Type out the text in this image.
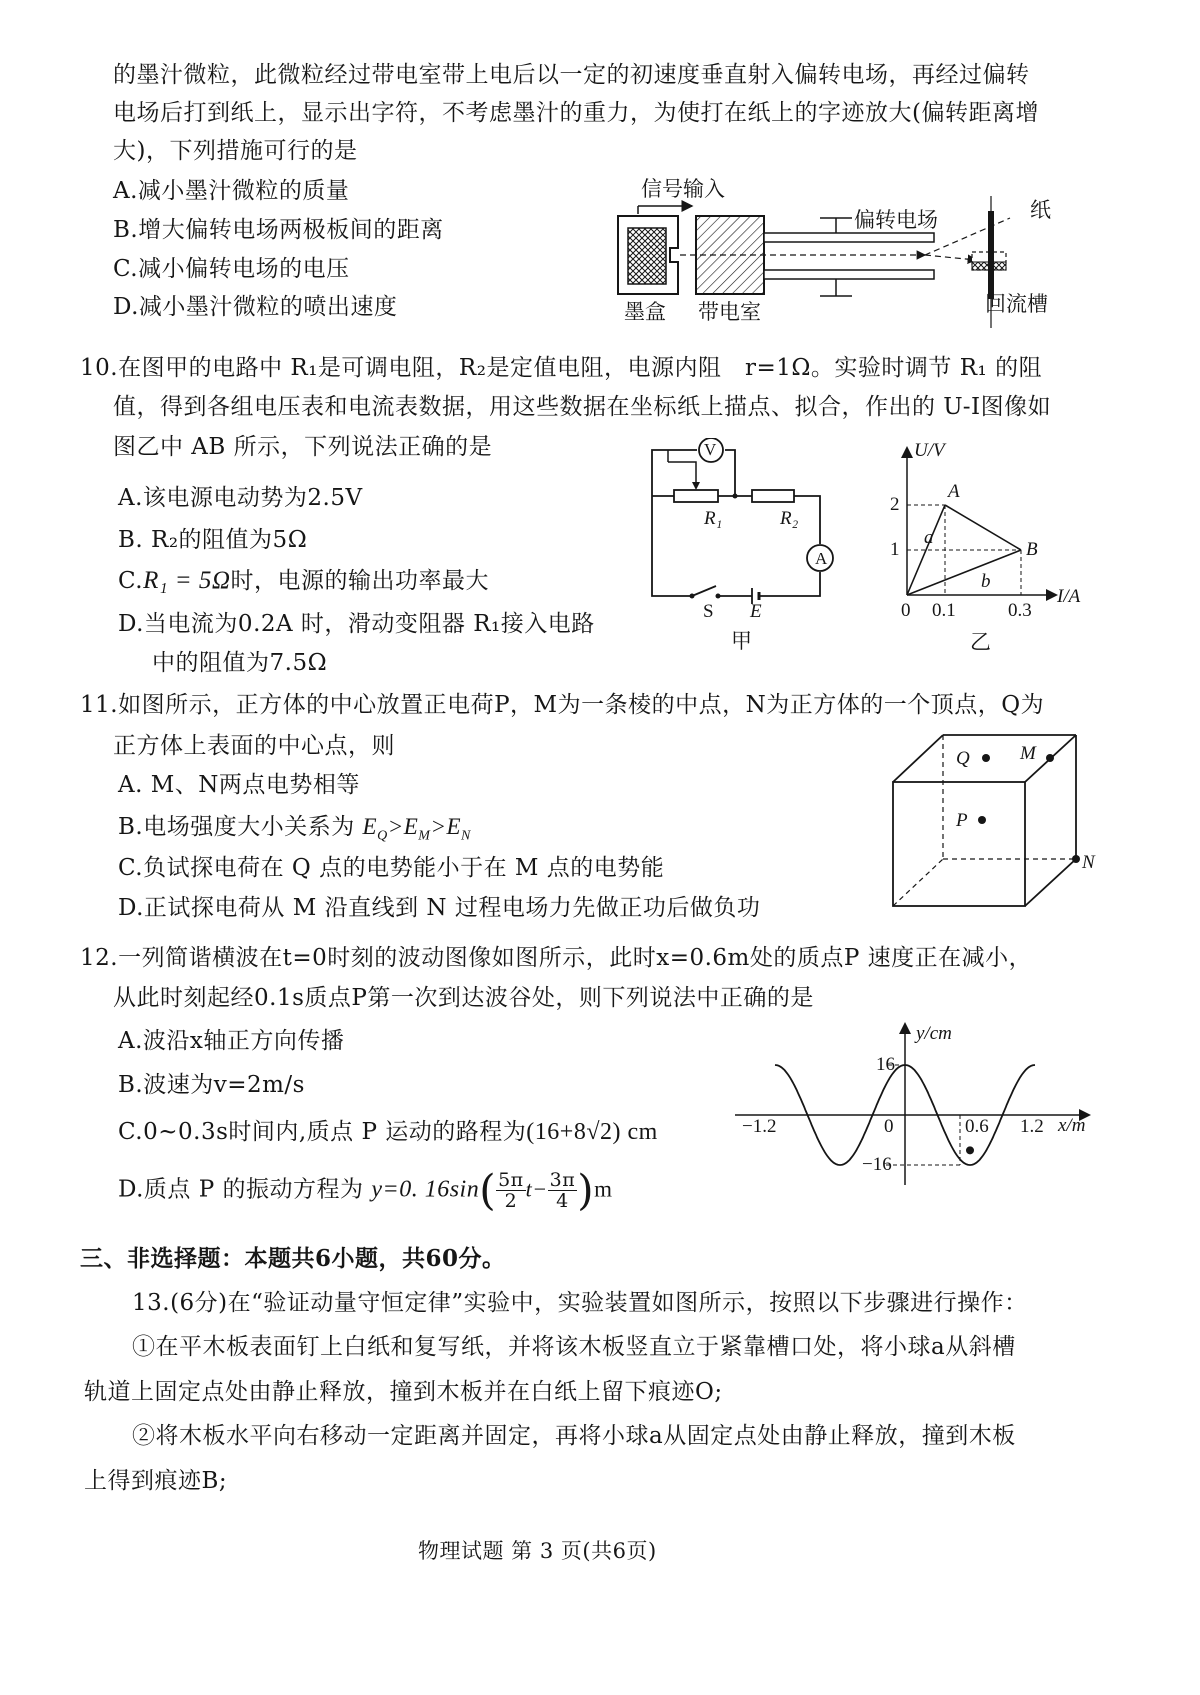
的墨汁微粒，此微粒经过带电室带上电后以一定的初速度垂直射入偏转电场，再经过偏转
电场后打到纸上，显示出字符，不考虑墨汁的重力，为使打在纸上的字迹放大(偏转距离增
大)，下列措施可行的是
A.减小墨汁微粒的质量
B.增大偏转电场两极板间的距离
C.减小偏转电场的电压
D.减小墨汁微粒的喷出速度
信号输入
偏转电场	纸
墨盒 带电室	回流槽
10.在图甲的电路中 R₁是可调电阻，R₂是定值电阻，电源内阻　r=1Ω。实验时调节 R₁ 的阻
值，得到各组电压表和电流表数据，用这些数据在坐标纸上描点、拟合，作出的 U-I图像如
图乙中 AB 所示，下列说法正确的是
A.该电源电动势为2.5V
B. R₂的阻值为5Ω
C.R₁ = 5Ω时，电源的输出功率最大
D.当电流为0.2A 时，滑动变阻器 R₁接入电路
中的阻值为7.5Ω
V
A
R₁	R₂
S E
甲
U/V
I/A
2
1
0 0.1	0.3
A
B
a
b
乙
11.如图所示，正方体的中心放置正电荷P，M为一条棱的中点，N为正方体的一个顶点，Q为
正方体上表面的中心点，则
A. M、N两点电势相等
B.电场强度大小关系为 $E_Q>E_M>E_N$
C.负试探电荷在 Q 点的电势能小于在 M 点的电势能
D.正试探电荷从 M 沿直线到 N 过程电场力先做正功后做负功
Q	M
P
N
12.一列简谐横波在t=0时刻的波动图像如图所示，此时x=0.6m处的质点P 速度正在减小，
从此时刻起经0.1s质点P第一次到达波谷处，则下列说法中正确的是
A.波沿x轴正方向传播
B.波速为v=2m/s
C.0~0.3s时间内,质点 P 运动的路程为(16+8√2) cm
D.质点 P 的振动方程为 y=0. $16\sin( \frac{5\pi}{2} t- \frac{3\pi}{4} )m$
y/cm
x/m
16
−16
−1.2	0	0.6 1.2
三、非选择题：本题共6小题，共60分。
13.(6分)在“验证动量守恒定律”实验中，实验装置如图所示，按照以下步骤进行操作：
①在平木板表面钉上白纸和复写纸，并将该木板竖直立于紧靠槽口处，将小球a从斜槽
轨道上固定点处由静止释放，撞到木板并在白纸上留下痕迹O;
②将木板水平向右移动一定距离并固定，再将小球a从固定点处由静止释放，撞到木板
上得到痕迹B;
物理试题 第 3 页(共6页)
